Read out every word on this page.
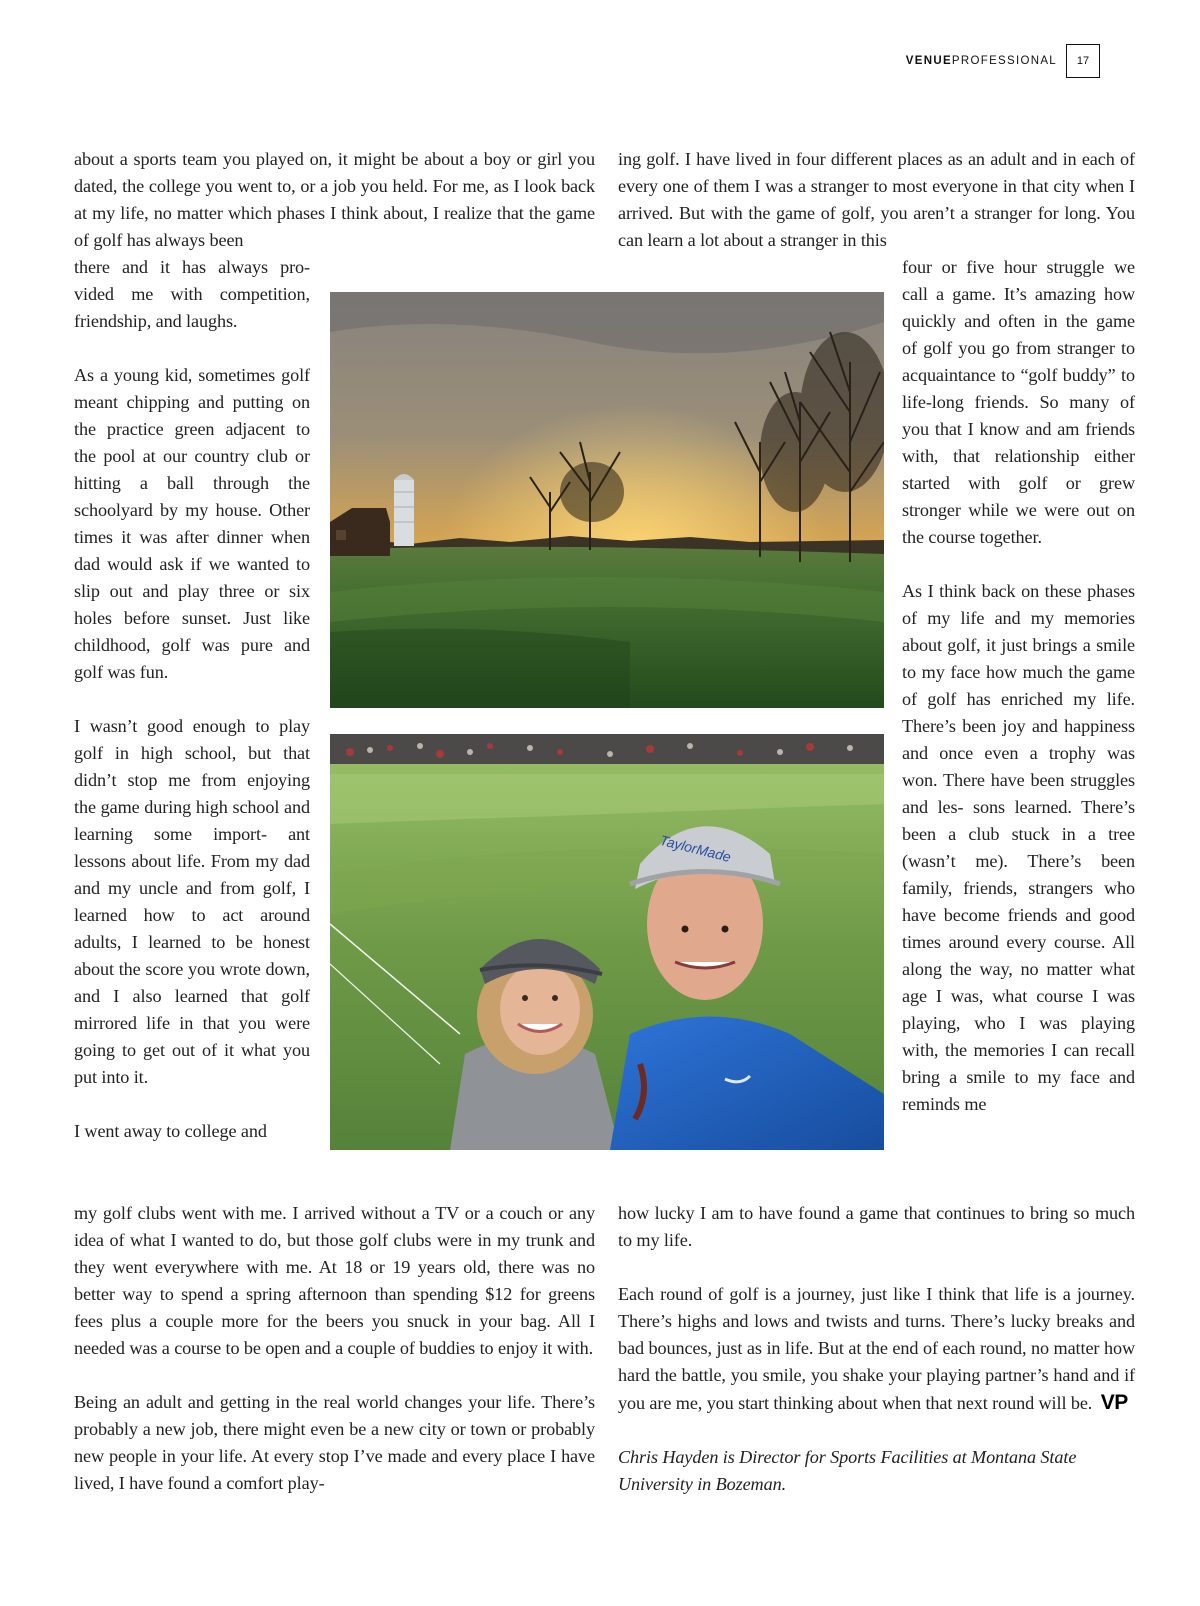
VENUEPROFESSIONAL	17

about a sports team you played on, it might be about a boy or girl you dated, the college you went to, or a job you held. For me, as I look back at my life, no matter which phases I think about, I realize that the game of golf has always been

there and it has always pro-
vided me with competition,
friendship, and laughs.

As a young kid, sometimes golf meant chipping and putting on the practice green adjacent to the pool at our country club or hitting a ball through the schoolyard by my house. Other times it was after dinner when dad would ask if we wanted to slip out and play three or six holes before sunset. Just like childhood, golf was pure and golf was fun.

I wasn’t good enough to play golf in high school, but that didn’t stop me from enjoying the game during high school and learning some import- ant lessons about life. From my dad and my uncle and from golf, I learned how to act around adults, I learned to be honest about the score you wrote down, and I also learned that golf mirrored life in that you were going to get out of it what you put into it.

I went away to college and

my golf clubs went with me. I arrived without a TV or a couch or any idea of what I wanted to do, but those golf clubs were in my trunk and they went everywhere with me. At 18 or 19 years old, there was no better way to spend a spring afternoon than spending $12 for greens fees plus a couple more for the beers you snuck in your bag. All I needed was a course to be open and a couple of buddies to enjoy it with.

Being an adult and getting in the real world changes your life. There’s probably a new job, there might even be a new city or town or probably new people in your life. At every stop I’ve made and every place I have lived, I have found a comfort play-

ing golf. I have lived in four different places as an adult and in each of every one of them I was a stranger to most everyone in that city when I arrived. But with the game of golf, you aren’t a stranger for long. You can learn a lot about a stranger in this

four or five hour struggle we call a game. It’s amazing how quickly and often in the game of golf you go from stranger to acquaintance to “golf buddy” to life-long friends. So many of you that I know and am friends with, that relationship either started with golf or grew stronger while we were out on the course together.

As I think back on these phases of my life and my memories about golf, it just brings a smile to my face how much the game of golf has enriched my life. There’s been joy and happiness and once even a trophy was won. There have been struggles and les- sons learned. There’s been a club stuck in a tree (wasn’t me). There’s been family, friends, strangers who have become friends and good times around every course. All along the way, no matter what age I was, what course I was playing, who I was playing with, the memories I can recall bring a smile to my face and reminds me

how lucky I am to have found a game that continues to bring so much to my life.

Each round of golf is a journey, just like I think that life is a journey. There’s highs and lows and twists and turns. There’s lucky breaks and bad bounces, just as in life. But at the end of each round, no matter how hard the battle, you smile, you shake your playing partner’s hand and if you are me, you start thinking about when that next round will be. VP

Chris Hayden is Director for Sports Facilities at Montana State University in Bozeman.

TaylorMade
